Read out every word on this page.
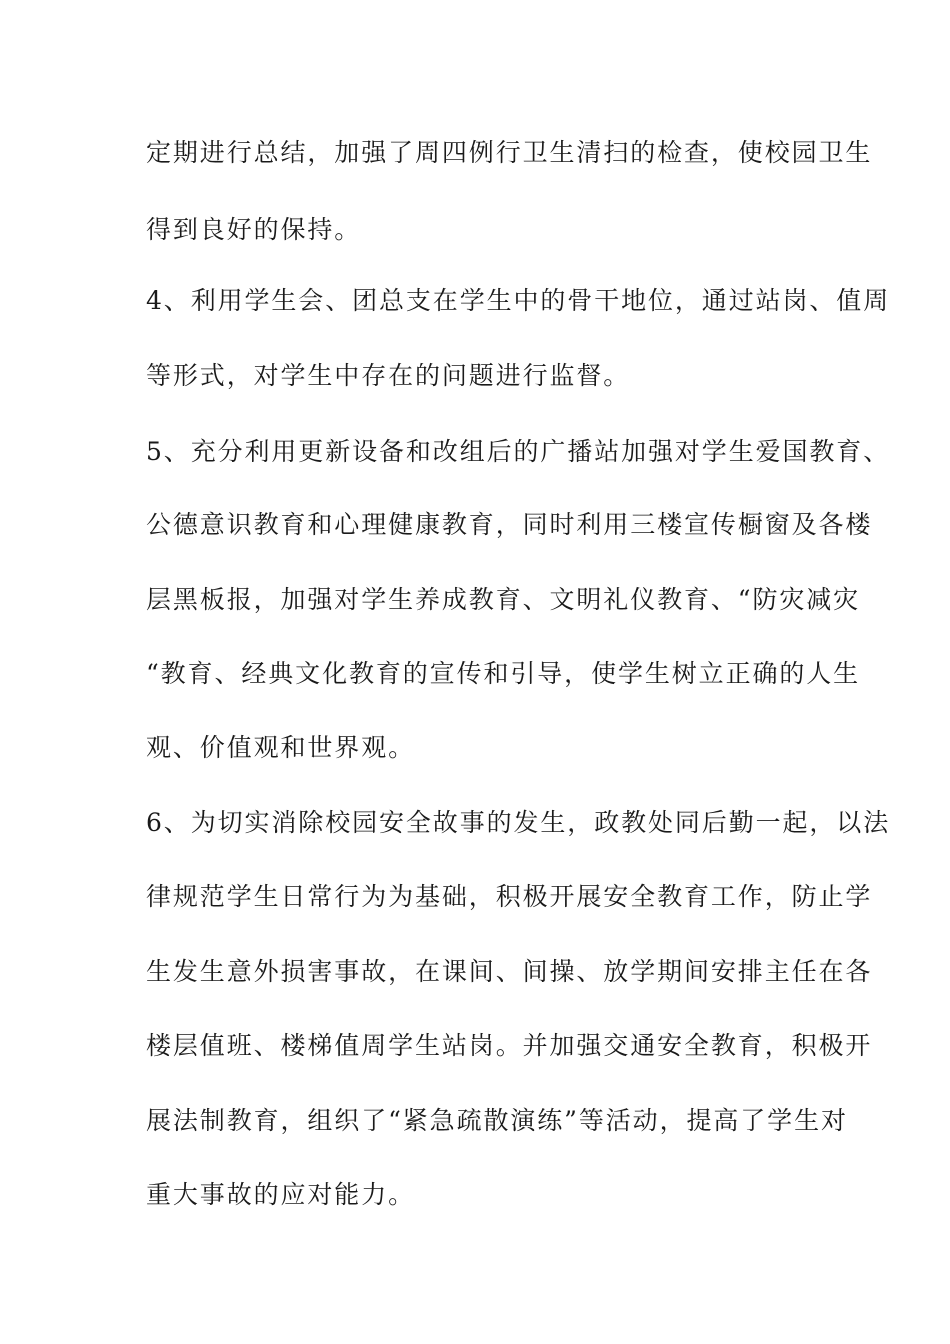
定期进行总结，加强了周四例行卫生清扫的检查，使校园卫生
得到良好的保持。
4、利用学生会、团总支在学生中的骨干地位，通过站岗、值周
等形式，对学生中存在的问题进行监督。
5、充分利用更新设备和改组后的广播站加强对学生爱国教育、
公德意识教育和心理健康教育，同时利用三楼宣传橱窗及各楼
层黑板报，加强对学生养成教育、文明礼仪教育、“防灾减灾
“教育、经典文化教育的宣传和引导，使学生树立正确的人生
观、价值观和世界观。
6、为切实消除校园安全故事的发生，政教处同后勤一起，以法
律规范学生日常行为为基础，积极开展安全教育工作，防止学
生发生意外损害事故，在课间、间操、放学期间安排主任在各
楼层值班、楼梯值周学生站岗。并加强交通安全教育，积极开
展法制教育，组织了“紧急疏散演练”等活动，提高了学生对
重大事故的应对能力。
